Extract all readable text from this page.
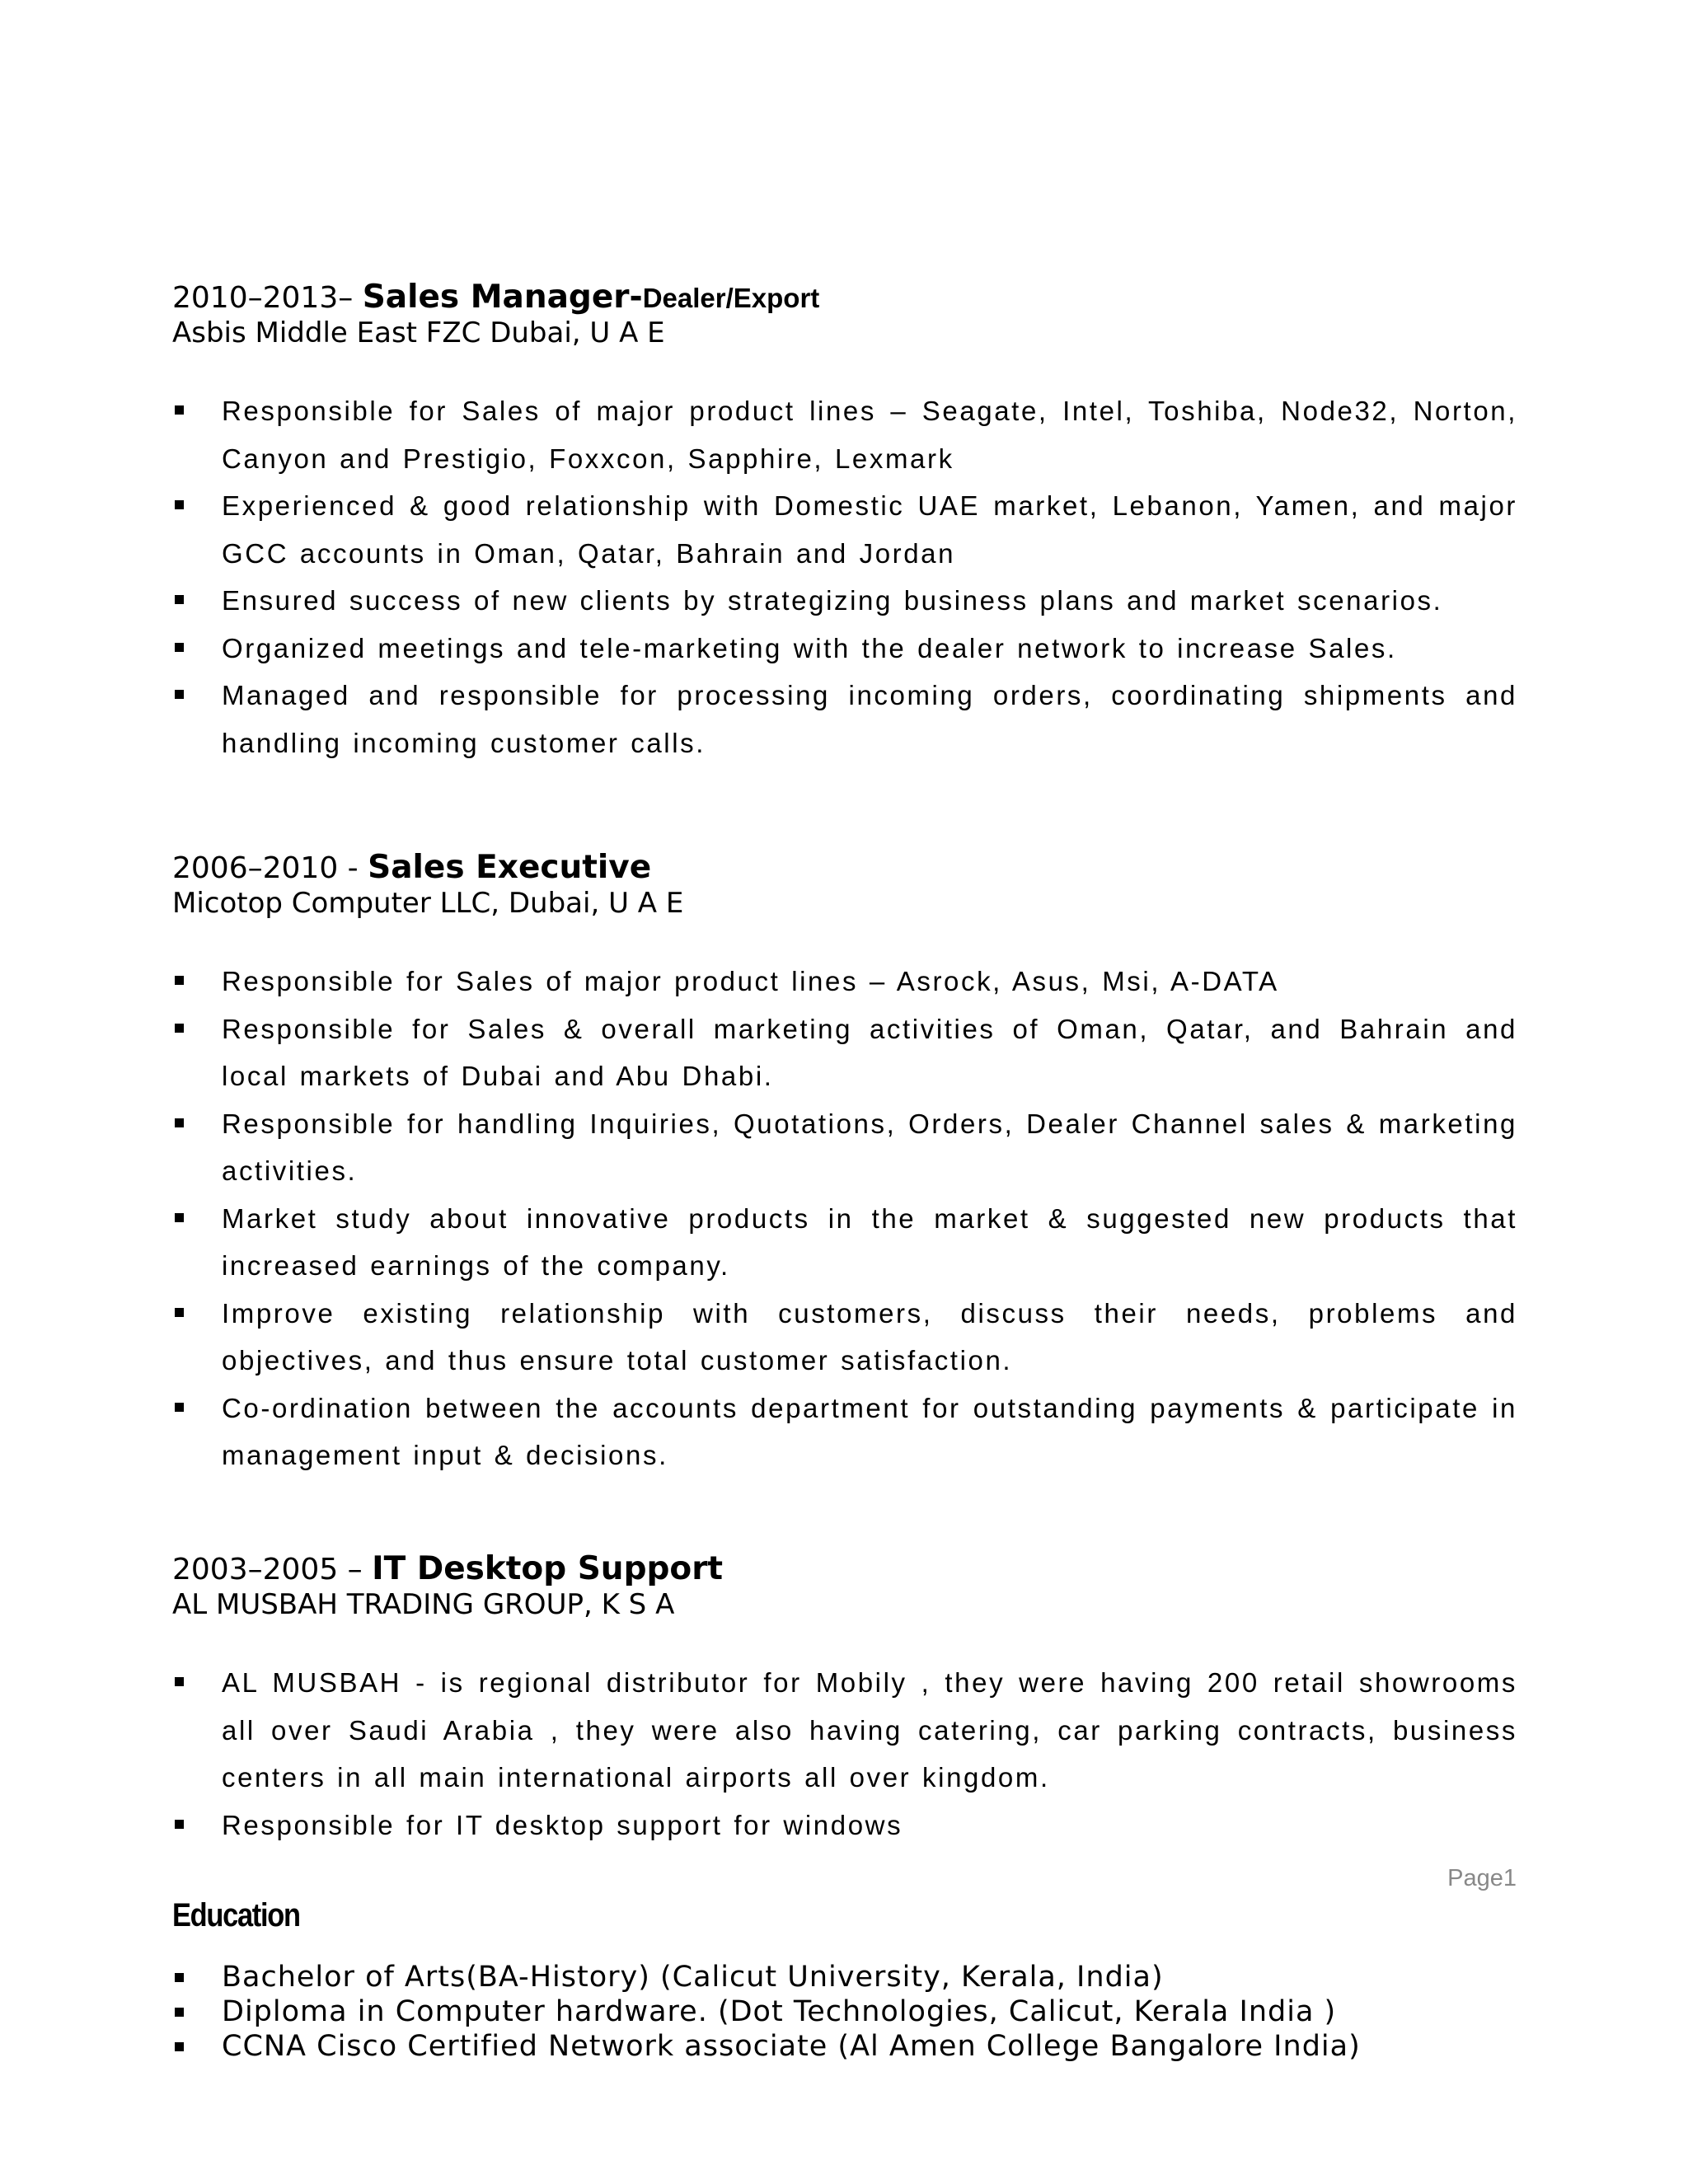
2010–2013– Sales Manager-Dealer/Export
Asbis Middle East FZC Dubai, U A E
Responsible for Sales of major product lines – Seagate, Intel, Toshiba, Node32, Norton, Canyon and Prestigio, Foxxcon, Sapphire, Lexmark
Experienced & good relationship with Domestic UAE market, Lebanon, Yamen, and major GCC accounts in Oman, Qatar, Bahrain and Jordan
Ensured success of new clients by strategizing business plans and market scenarios.
Organized meetings and tele-marketing with the dealer network to increase Sales.
Managed and responsible for processing incoming orders, coordinating shipments and handling incoming customer calls.
2006–2010 - Sales Executive
Micotop Computer LLC, Dubai, U A E
Responsible for Sales of major product lines – Asrock, Asus, Msi, A-DATA
Responsible for Sales & overall marketing activities of Oman, Qatar, and Bahrain and local markets of Dubai and Abu Dhabi.
Responsible for handling Inquiries, Quotations, Orders, Dealer Channel sales & marketing activities.
Market study about innovative products in the market & suggested new products that increased earnings of the company.
Improve existing relationship with customers, discuss their needs, problems and objectives, and thus ensure total customer satisfaction.
Co-ordination between the accounts department for outstanding payments & participate in management input & decisions.
2003–2005 – IT Desktop Support
AL MUSBAH TRADING GROUP, K S A
AL MUSBAH - is regional distributor for Mobily , they were having 200 retail showrooms all over Saudi Arabia , they were also having catering, car parking contracts, business centers in all main international airports all over kingdom.
Responsible for IT desktop support for windows
Page1
Education
Bachelor of Arts(BA-History) (Calicut University, Kerala, India)
Diploma in Computer hardware. (Dot Technologies, Calicut, Kerala India )
CCNA Cisco Certified Network associate (Al Amen College Bangalore India)
